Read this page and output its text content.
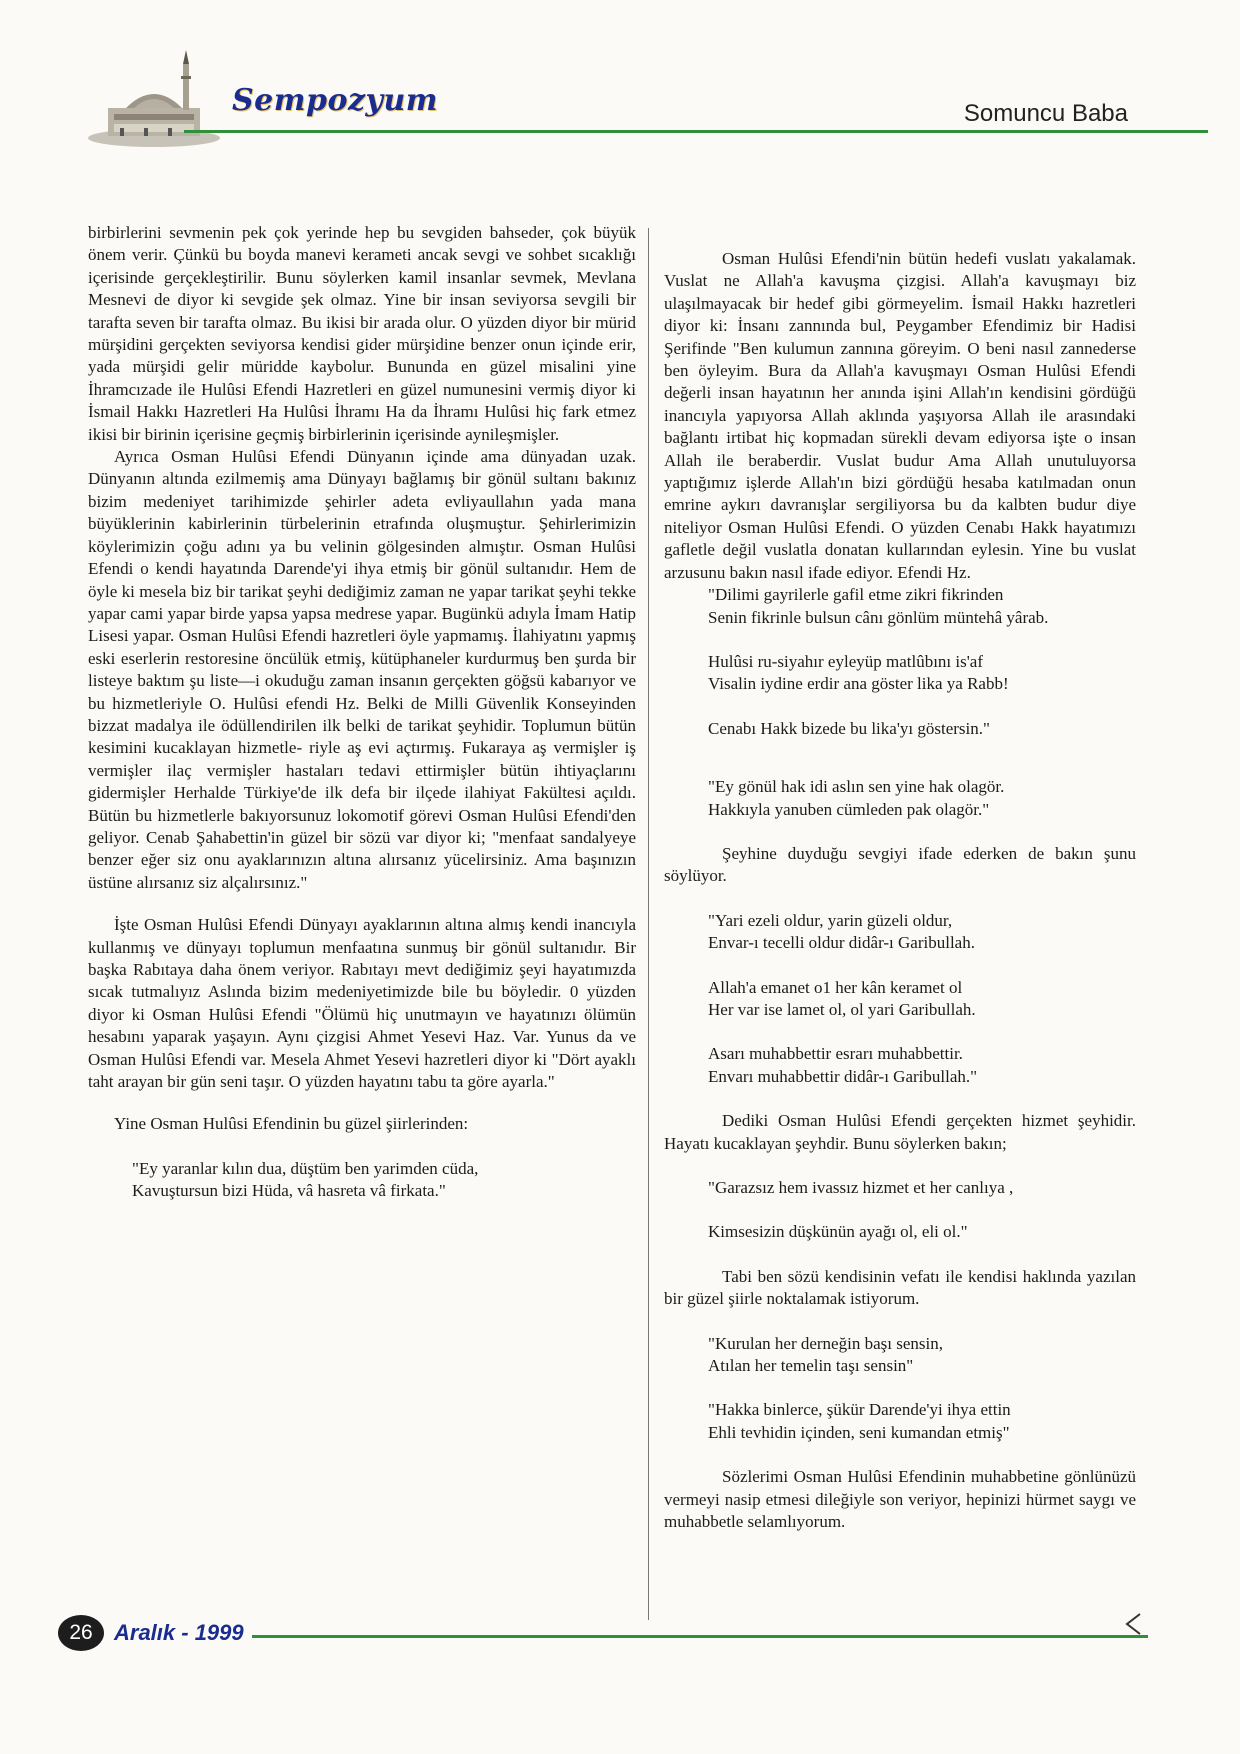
Sempozyum	Somuncu Baba

birbirlerini sevmenin pek çok yerinde hep bu sevgiden bahseder, çok büyük önem verir. Çünkü bu boyda manevi kerameti ancak sevgi ve sohbet sıcaklığı içerisinde gerçekleştirilir. Bunu söylerken kamil insanlar sevmek, Mevlana Mesnevi de diyor ki sevgide şek olmaz. Yine bir insan seviyorsa sevgili bir tarafta seven bir tarafta olmaz. Bu ikisi bir arada olur. O yüzden diyor bir mürid mürşidini gerçekten seviyorsa kendisi gider mürşidine benzer onun içinde erir, yada mürşidi gelir müridde kaybolur. Bununda en güzel misalini yine İhramcızade ile Hulûsi Efendi Hazretleri en güzel numunesini vermiş diyor ki İsmail Hakkı Hazretleri Ha Hulûsi İhramı Ha da İhramı Hulûsi hiç fark etmez ikisi bir birinin içerisine geçmiş birbirlerinin içerisinde aynileşmişler.

Ayrıca Osman Hulûsi Efendi Dünyanın içinde ama dünyadan uzak. Dünyanın altında ezilmemiş ama Dünyayı bağlamış bir gönül sultanı bakınız bizim medeniyet tarihimizde şehirler adeta evliyaullahın yada mana büyüklerinin kabirlerinin türbelerinin etrafında oluşmuştur. Şehirlerimizin köylerimizin çoğu adını ya bu velinin gölgesinden almıştır. Osman Hulûsi Efendi o kendi hayatında Darende'yi ihya etmiş bir gönül sultanıdır. Hem de öyle ki mesela biz bir tarikat şeyhi dediğimiz zaman ne yapar tarikat şeyhi tekke yapar cami yapar birde yapsa yapsa medrese yapar. Bugünkü adıyla İmam Hatip Lisesi yapar. Osman Hulûsi Efendi hazretleri öyle yapmamış. İlahiyatını yapmış eski eserlerin restoresine öncülük etmiş, kütüphaneler kurdurmuş ben şurda bir listeye baktım şu liste—i okuduğu zaman insanın gerçekten göğsü kabarıyor ve bu hizmetleriyle O. Hulûsi efendi Hz. Belki de Milli Güvenlik Konseyinden bizzat madalya ile ödüllendirilen ilk belki de tarikat şeyhidir. Toplumun bütün kesimini kucaklayan hizmetle- riyle aş evi açtırmış. Fukaraya aş vermişler iş vermişler ilaç vermişler hastaları tedavi ettirmişler bütün ihtiyaçlarını gidermişler Herhalde Türkiye'de ilk defa bir ilçede ilahiyat Fakültesi açıldı. Bütün bu hizmetlerle bakıyorsunuz lokomotif görevi Osman Hulûsi Efendi'den geliyor. Cenab Şahabettin'in güzel bir sözü var diyor ki; "menfaat sandalyeye benzer eğer siz onu ayaklarınızın altına alırsanız yücelirsiniz. Ama başınızın üstüne alırsanız siz alçalırsınız."

İşte Osman Hulûsi Efendi Dünyayı ayaklarının altına almış kendi inancıyla kullanmış ve dünyayı toplumun menfaatına sunmuş bir gönül sultanıdır. Bir başka Rabıtaya daha önem veriyor. Rabıtayı mevt dediğimiz şeyi hayatımızda sıcak tutmalıyız Aslında bizim medeniyetimizde bile bu böyledir. 0 yüzden diyor ki Osman Hulûsi Efendi "Ölümü hiç unutmayın ve hayatınızı ölümün hesabını yaparak yaşayın. Aynı çizgisi Ahmet Yesevi Haz. Var. Yunus da ve Osman Hulûsi Efendi var. Mesela Ahmet Yesevi hazretleri diyor ki "Dört ayaklı taht arayan bir gün seni taşır. O yüzden hayatını tabu ta göre ayarla."

Yine Osman Hulûsi Efendinin bu güzel şiirlerinden:

"Ey yaranlar kılın dua, düştüm ben yarimden cüda,

Kavuştursun bizi Hüda, vâ hasreta vâ firkata."

Osman Hulûsi Efendi'nin bütün hedefi vuslatı yakalamak. Vuslat ne Allah'a kavuşma çizgisi. Allah'a kavuşmayı biz ulaşılmayacak bir hedef gibi görmeyelim. İsmail Hakkı hazretleri diyor ki: İnsanı zannında bul, Peygamber Efendimiz bir Hadisi Şerifinde "Ben kulumun zannına göreyim. O beni nasıl zannederse ben öyleyim. Bura da Allah'a kavuşmayı Osman Hulûsi Efendi değerli insan hayatının her anında işini Allah'ın kendisini gördüğü inancıyla yapıyorsa Allah aklında yaşıyorsa Allah ile arasındaki bağlantı irtibat hiç kopmadan sürekli devam ediyorsa işte o insan Allah ile beraberdir. Vuslat budur Ama Allah unutuluyorsa yaptığımız işlerde Allah'ın bizi gördüğü hesaba katılmadan onun emrine aykırı davranışlar sergiliyorsa bu da kalbten budur diye niteliyor Osman Hulûsi Efendi. O yüzden Cenabı Hakk hayatımızı gafletle değil vuslatla donatan kullarından eylesin. Yine bu vuslat arzusunu bakın nasıl ifade ediyor. Efendi Hz.

"Dilimi gayrilerle gafil etme zikri fikrinden

Senin fikrinle bulsun cânı gönlüm müntehâ yârab.

Hulûsi ru-siyahır eyleyüp matlûbını is'af

Visalin iydine erdir ana göster lika ya Rabb!

Cenabı Hakk bizede bu lika'yı göstersin."

"Ey gönül hak idi aslın sen yine hak olagör.

Hakkıyla yanuben cümleden pak olagör."

Şeyhine duyduğu sevgiyi ifade ederken de bakın şunu söylüyor.

"Yari ezeli oldur, yarin güzeli oldur,

Envar-ı tecelli oldur didâr-ı Garibullah.

Allah'a emanet o1 her kân keramet ol

Her var ise lamet ol, ol yari Garibullah.

Asarı muhabbettir esrarı muhabbettir.

Envarı muhabbettir didâr-ı Garibullah."

Dediki Osman Hulûsi Efendi gerçekten hizmet şeyhidir. Hayatı kucaklayan şeyhdir. Bunu söylerken bakın;

"Garazsız hem ivassız hizmet et her canlıya ,

Kimsesizin düşkünün ayağı ol, eli ol."

Tabi ben sözü kendisinin vefatı ile kendisi haklında yazılan bir güzel şiirle noktalamak istiyorum.

"Kurulan her derneğin başı sensin,

Atılan her temelin taşı sensin"

"Hakka binlerce, şükür Darende'yi ihya ettin

Ehli tevhidin içinden, seni kumandan etmiş"

Sözlerimi Osman Hulûsi Efendinin muhabbetine gönlünüzü vermeyi nasip etmesi dileğiyle son veriyor, hepinizi hürmet saygı ve muhabbetle selamlıyorum.

26 Aralık - 1999
